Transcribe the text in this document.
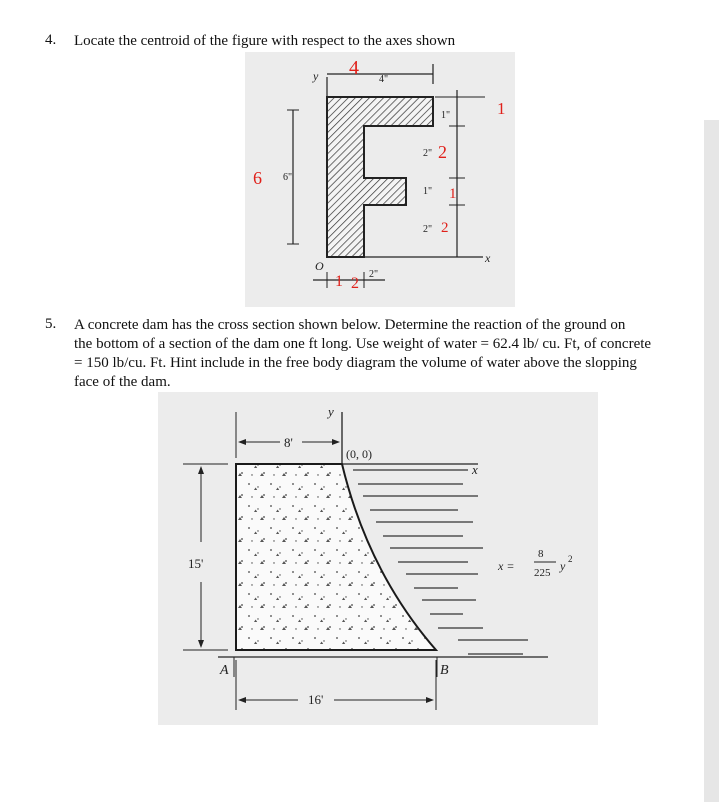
4. Locate the centroid of the figure with respect to the axes shown
y	4"
1"
2"
1"
2"
6"
2"
O
x
4
1
2
6
1
2
1 2
5. A concrete dam has the cross section shown below. Determine the reaction of the ground on
the bottom of a section of the dam one ft long. Use weight of water = 62.4 lb/ cu. Ft, of concrete
= 150 lb/cu. Ft. Hint include in the free body diagram the volume of water above the slopping
face of the dam.
y
8'
(0, 0)
x
15'	x =
8
225 y 2
A	B
16'
